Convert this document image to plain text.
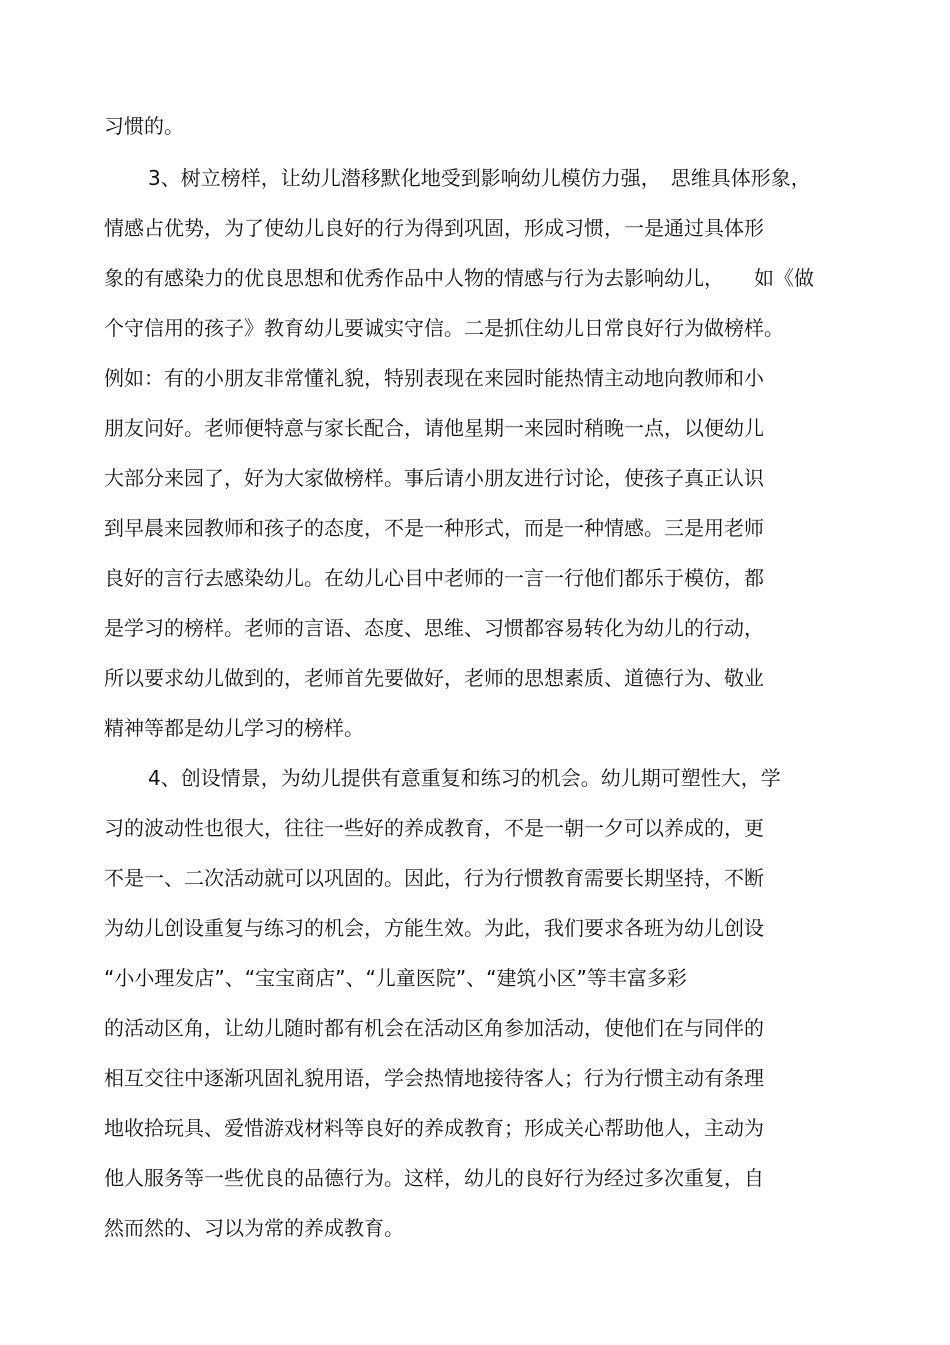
习惯的。
3、树立榜样，让幼儿潜移默化地受到影响幼儿模仿力强，　思维具体形象，
情感占优势，为了使幼儿良好的行为得到巩固，形成习惯，一是通过具体形
象的有感染力的优良思想和优秀作品中人物的情感与行为去影响幼儿，　　如《做
个守信用的孩子》教育幼儿要诚实守信。二是抓住幼儿日常良好行为做榜样。
例如：有的小朋友非常懂礼貌，特别表现在来园时能热情主动地向教师和小
朋友问好。老师便特意与家长配合，请他星期一来园时稍晚一点，以便幼儿
大部分来园了，好为大家做榜样。事后请小朋友进行讨论，使孩子真正认识
到早晨来园教师和孩子的态度，不是一种形式，而是一种情感。三是用老师
良好的言行去感染幼儿。在幼儿心目中老师的一言一行他们都乐于模仿，都
是学习的榜样。老师的言语、态度、思维、习惯都容易转化为幼儿的行动，
所以要求幼儿做到的，老师首先要做好，老师的思想素质、道德行为、敬业
精神等都是幼儿学习的榜样。
4、创设情景，为幼儿提供有意重复和练习的机会。幼儿期可塑性大，学
习的波动性也很大，往往一些好的养成教育，不是一朝一夕可以养成的，更
不是一、二次活动就可以巩固的。因此，行为行惯教育需要长期坚持，不断
为幼儿创设重复与练习的机会，方能生效。为此，我们要求各班为幼儿创设
“小小理发店”、“宝宝商店”、“儿童医院”、“建筑小区”等丰富多彩
的活动区角，让幼儿随时都有机会在活动区角参加活动，使他们在与同伴的
相互交往中逐渐巩固礼貌用语，学会热情地接待客人；行为行惯主动有条理
地收拾玩具、爱惜游戏材料等良好的养成教育；形成关心帮助他人，主动为
他人服务等一些优良的品德行为。这样，幼儿的良好行为经过多次重复，自
然而然的、习以为常的养成教育。
